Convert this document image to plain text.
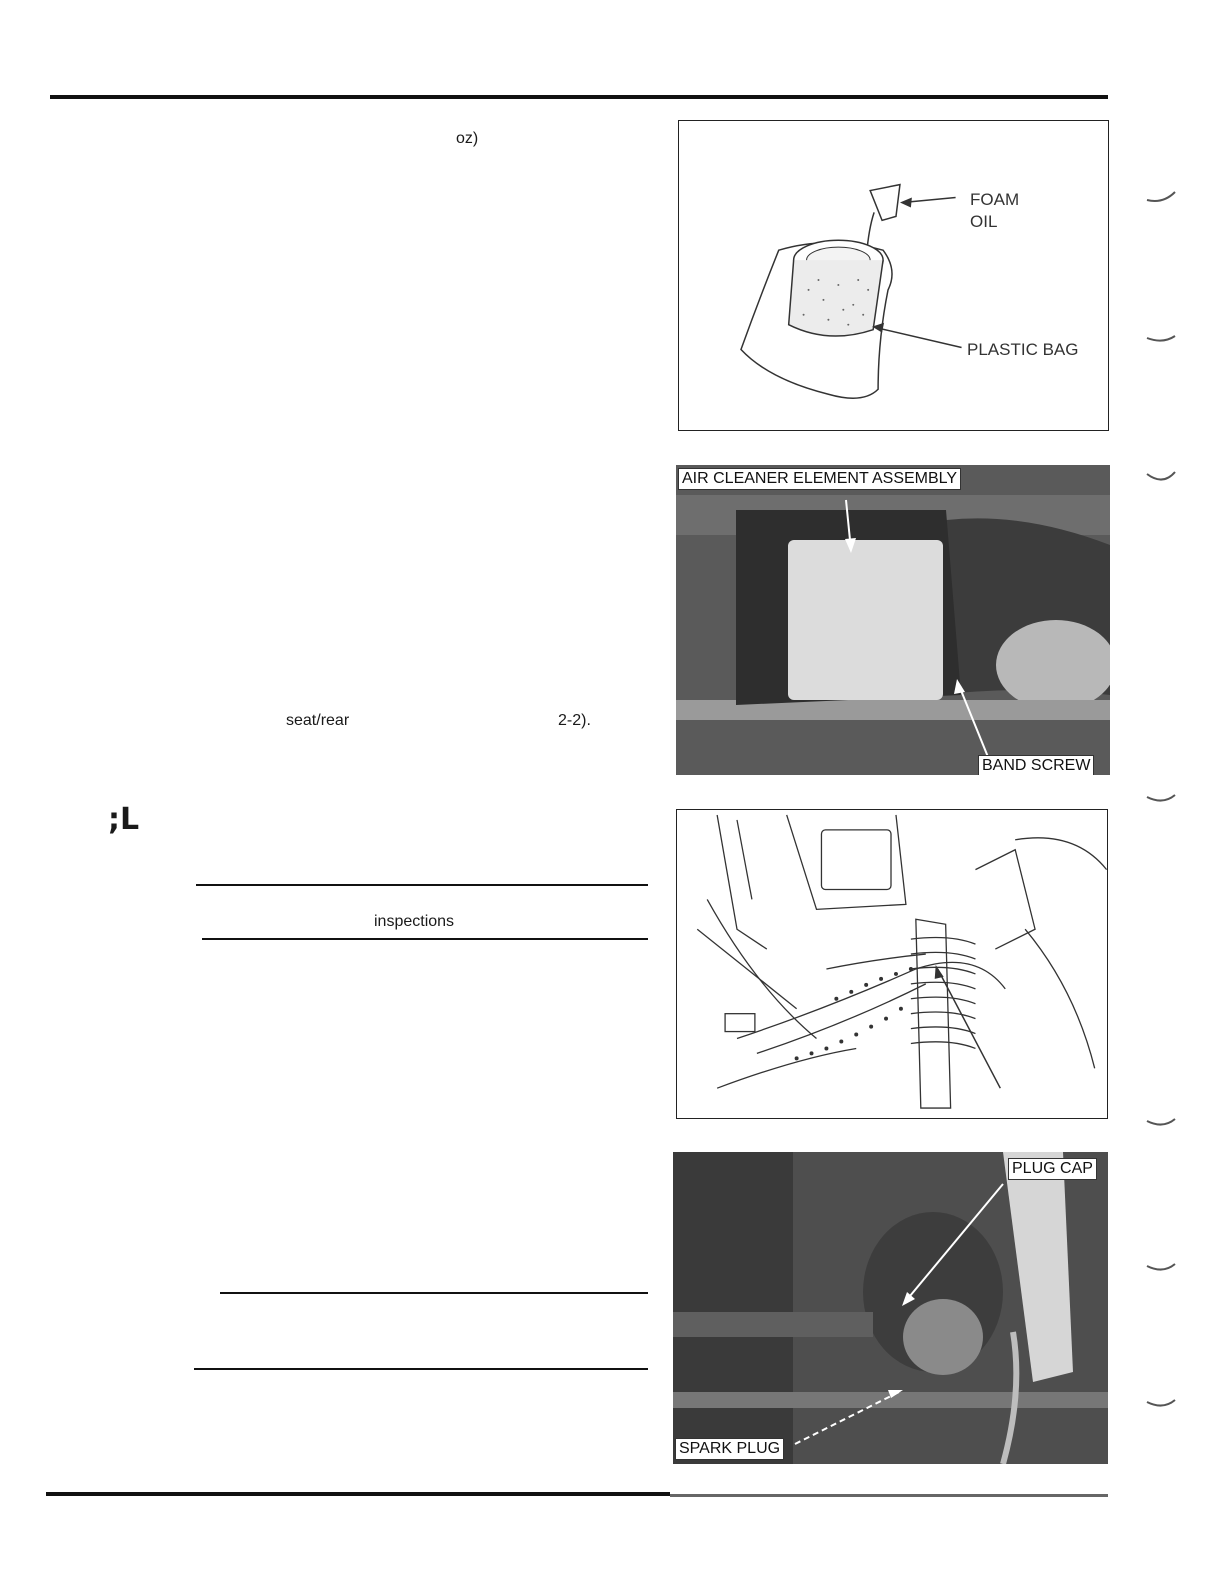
oz)
seat/rear	2-2).
;L
inspections
FOAM
OIL
PLASTIC BAG
AIR CLEANER ELEMENT ASSEMBLY
BAND SCREW
PLUG CAP
SPARK PLUG
